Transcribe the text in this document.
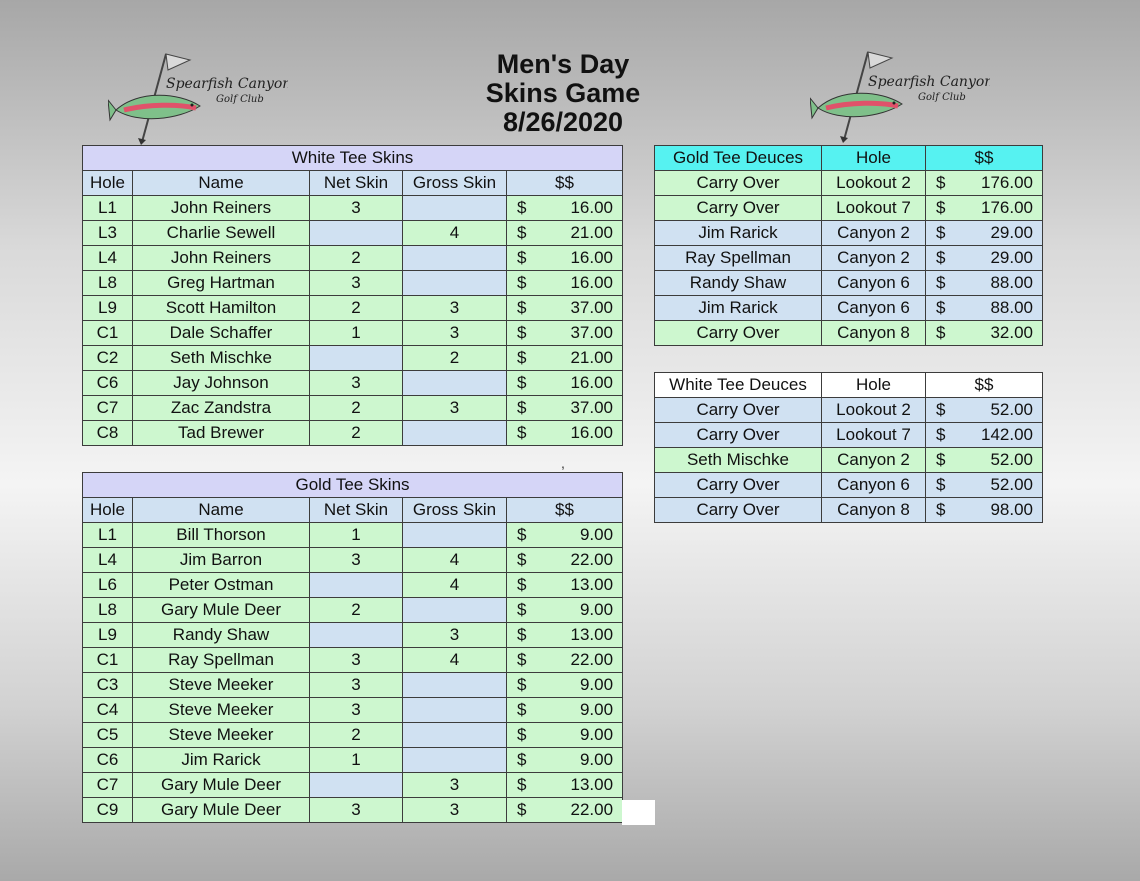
Men's Day
Skins Game
8/26/2020
Spearfish Canyon
Golf Club
Spearfish Canyon
Golf Club
White Tee Skins				
Hole	Name	Net Skin	Gross Skin	$$
L1	John Reiners	3		$ 16.00

L3	Charlie Sewell		4	$ 21.00

L4	John Reiners	2		$ 16.00

L8	Greg Hartman	3		$ 16.00

L9	Scott Hamilton	2	3	$ 37.00

C1	Dale Schaffer	1	3	$ 37.00

C2	Seth Mischke		2	$ 21.00

C6	Jay Johnson	3		$ 16.00

C7	Zac Zandstra	2	3	$ 37.00

C8	Tad Brewer	2		$ 16.00
,
Gold Tee Skins				
Hole	Name	Net Skin	Gross Skin	$$
L1	Bill Thorson	1		$ 9.00

L4	Jim Barron	3	4	$ 22.00

L6	Peter Ostman		4	$ 13.00

L8	Gary Mule Deer	2		$ 9.00

L9	Randy Shaw		3	$ 13.00

C1	Ray Spellman	3	4	$ 22.00

C3	Steve Meeker	3		$ 9.00

C4	Steve Meeker	3		$ 9.00

C5	Steve Meeker	2		$ 9.00

C6	Jim Rarick	1		$ 9.00

C7	Gary Mule Deer		3	$ 13.00

C9	Gary Mule Deer	3	3	$ 22.00
Gold Tee Deuces	Hole	$$
Carry Over	Lookout 2	$ 176.00

Carry Over	Lookout 7	$ 176.00

Jim Rarick	Canyon 2	$ 29.00

Ray Spellman	Canyon 2	$ 29.00

Randy Shaw	Canyon 6	$ 88.00

Jim Rarick	Canyon 6	$ 88.00

Carry Over	Canyon 8	$ 32.00
White Tee Deuces	Hole	$$
Carry Over	Lookout 2	$ 52.00

Carry Over	Lookout 7	$ 142.00

Seth Mischke	Canyon 2	$ 52.00

Carry Over	Canyon 6	$ 52.00

Carry Over	Canyon 8	$ 98.00
